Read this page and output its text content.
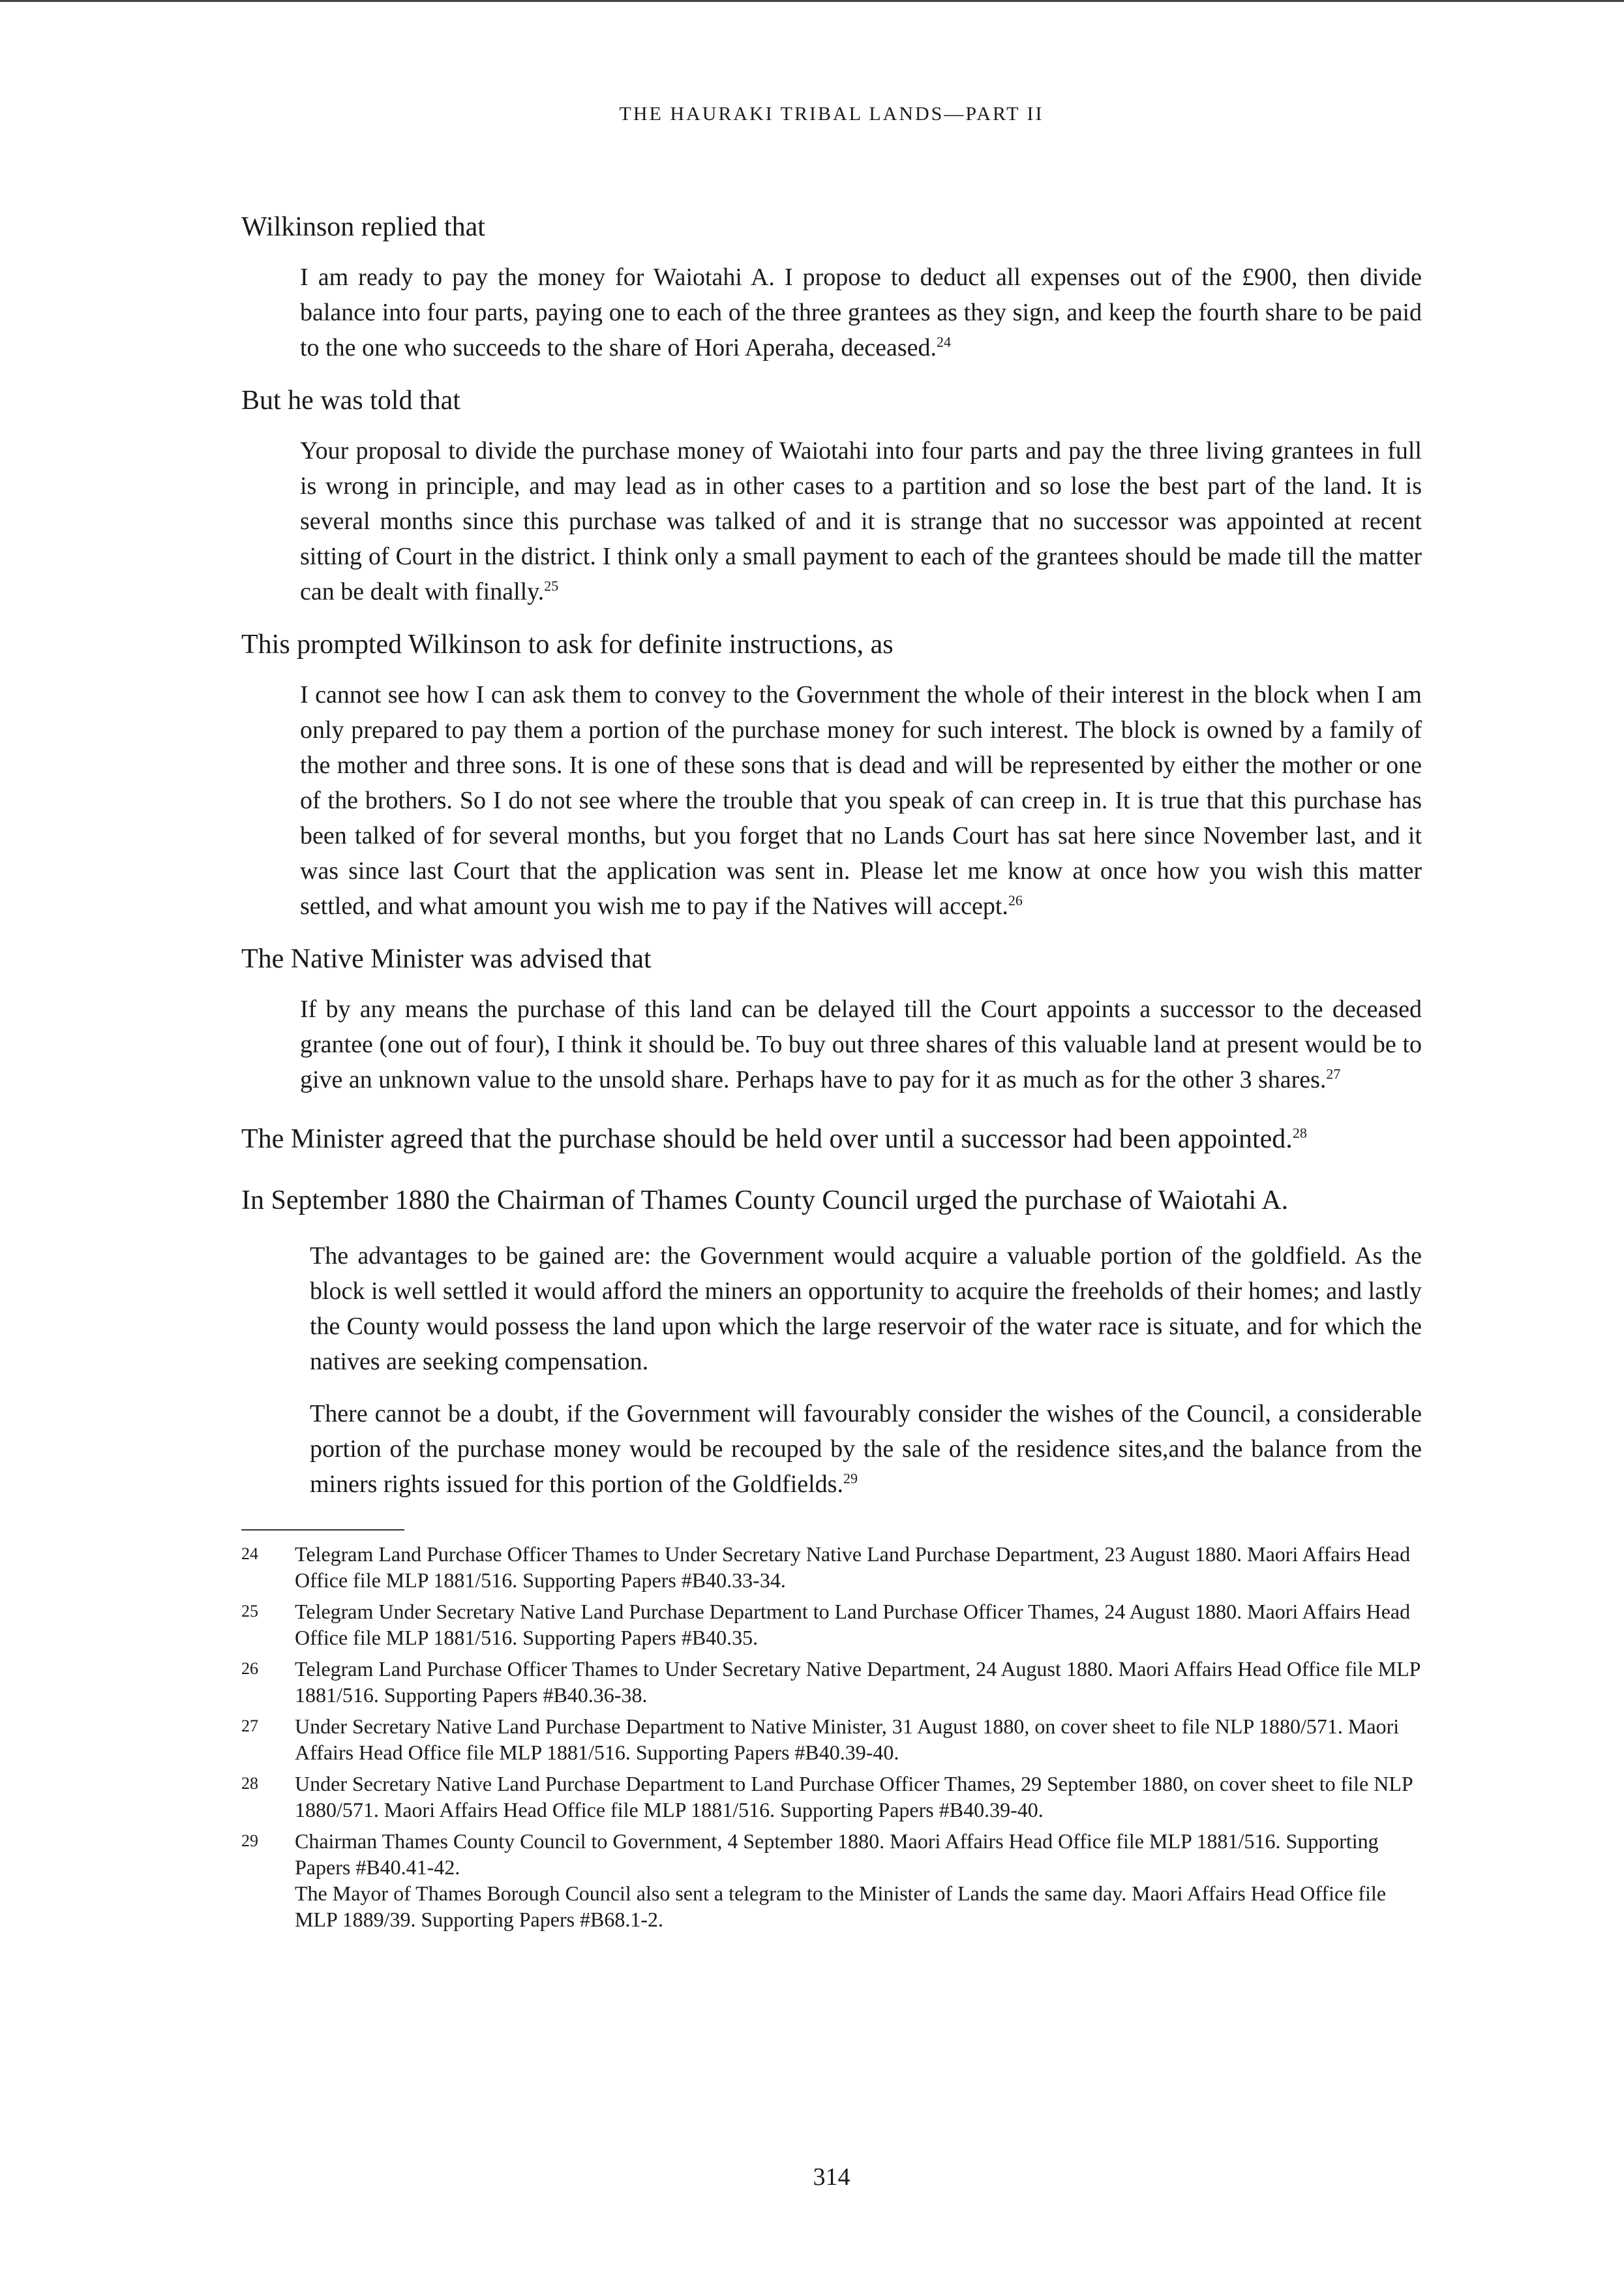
THE HAURAKI TRIBAL LANDS—PART II

Wilkinson replied that

I am ready to pay the money for Waiotahi A. I propose to deduct all expenses out of the £900, then divide balance into four parts, paying one to each of the three grantees as they sign, and keep the fourth share to be paid to the one who succeeds to the share of Hori Aperaha, deceased.$^{24}$

But he was told that

Your proposal to divide the purchase money of Waiotahi into four parts and pay the three living grantees in full is wrong in principle, and may lead as in other cases to a partition and so lose the best part of the land. It is several months since this purchase was talked of and it is strange that no successor was appointed at recent sitting of Court in the district. I think only a small payment to each of the grantees should be made till the matter can be dealt with finally.$^{25}$

This prompted Wilkinson to ask for definite instructions, as

I cannot see how I can ask them to convey to the Government the whole of their interest in the block when I am only prepared to pay them a portion of the purchase money for such interest. The block is owned by a family of the mother and three sons. It is one of these sons that is dead and will be represented by either the mother or one of the brothers. So I do not see where the trouble that you speak of can creep in. It is true that this purchase has been talked of for several months, but you forget that no Lands Court has sat here since November last, and it was since last Court that the application was sent in. Please let me know at once how you wish this matter settled, and what amount you wish me to pay if the Natives will accept.$^{26}$

The Native Minister was advised that

If by any means the purchase of this land can be delayed till the Court appoints a successor to the deceased grantee (one out of four), I think it should be. To buy out three shares of this valuable land at present would be to give an unknown value to the unsold share. Perhaps have to pay for it as much as for the other 3 shares.$^{27}$

The Minister agreed that the purchase should be held over until a successor had been appointed.$^{28}$

In September 1880 the Chairman of Thames County Council urged the purchase of Waiotahi A.

The advantages to be gained are: the Government would acquire a valuable portion of the goldfield. As the block is well settled it would afford the miners an opportunity to acquire the freeholds of their homes; and lastly the County would possess the land upon which the large reservoir of the water race is situate, and for which the natives are seeking compensation.

There cannot be a doubt, if the Government will favourably consider the wishes of the Council, a considerable portion of the purchase money would be recouped by the sale of the residence sites,and the balance from the miners rights issued for this portion of the Goldfields.$^{29}$

24	Telegram Land Purchase Officer Thames to Under Secretary Native Land Purchase Department, 23 August 1880. Maori Affairs Head Office file MLP 1881/516. Supporting Papers #B40.33-34.
25	Telegram Under Secretary Native Land Purchase Department to Land Purchase Officer Thames, 24 August 1880. Maori Affairs Head Office file MLP 1881/516. Supporting Papers #B40.35.
26	Telegram Land Purchase Officer Thames to Under Secretary Native Department, 24 August 1880. Maori Affairs Head Office file MLP 1881/516. Supporting Papers #B40.36-38.
27	Under Secretary Native Land Purchase Department to Native Minister, 31 August 1880, on cover sheet to file NLP 1880/571. Maori Affairs Head Office file MLP 1881/516. Supporting Papers #B40.39-40.
28	Under Secretary Native Land Purchase Department to Land Purchase Officer Thames, 29 September 1880, on cover sheet to file NLP 1880/571. Maori Affairs Head Office file MLP 1881/516. Supporting Papers #B40.39-40.
29	Chairman Thames County Council to Government, 4 September 1880. Maori Affairs Head Office file MLP 1881/516. Supporting Papers #B40.41-42.
The Mayor of Thames Borough Council also sent a telegram to the Minister of Lands the same day. Maori Affairs Head Office file MLP 1889/39. Supporting Papers #B68.1-2.
314
